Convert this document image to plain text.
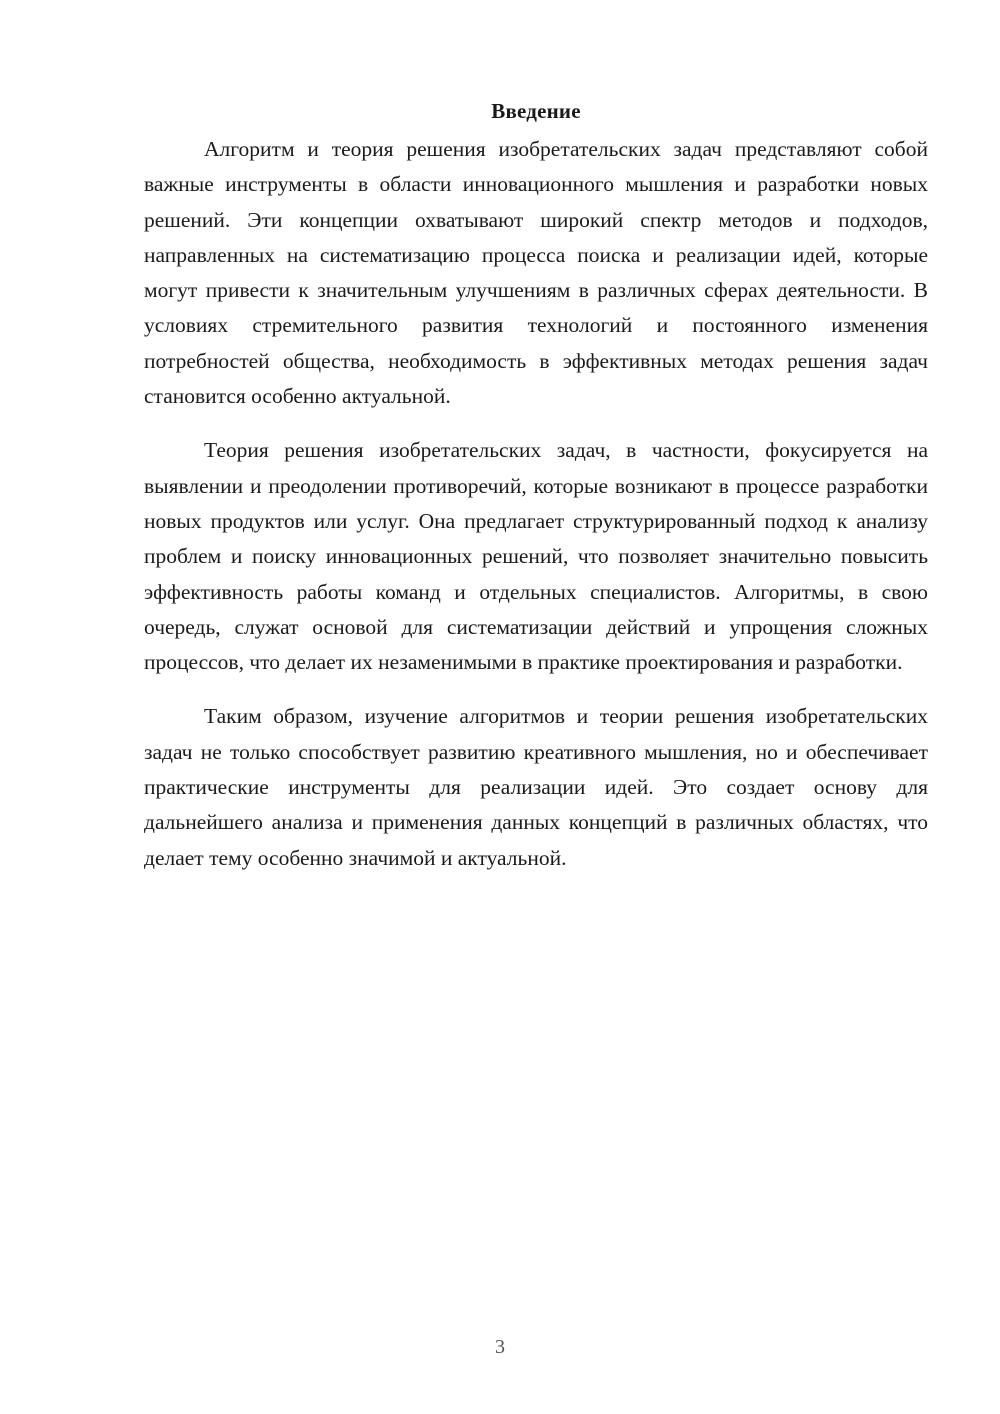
Введение

Алгоритм и теория решения изобретательских задач представляют собой важные инструменты в области инновационного мышления и разработки новых решений. Эти концепции охватывают широкий спектр методов и подходов, направленных на систематизацию процесса поиска и реализации идей, которые могут привести к значительным улучшениям в различных сферах деятельности. В условиях стремительного развития технологий и постоянного изменения потребностей общества, необходимость в эффективных методах решения задач становится особенно актуальной.

Теория решения изобретательских задач, в частности, фокусируется на выявлении и преодолении противоречий, которые возникают в процессе разработки новых продуктов или услуг. Она предлагает структурированный подход к анализу проблем и поиску инновационных решений, что позволяет значительно повысить эффективность работы команд и отдельных специалистов. Алгоритмы, в свою очередь, служат основой для систематизации действий и упрощения сложных процессов, что делает их незаменимыми в практике проектирования и разработки.

Таким образом, изучение алгоритмов и теории решения изобретательских задач не только способствует развитию креативного мышления, но и обеспечивает практические инструменты для реализации идей. Это создает основу для дальнейшего анализа и применения данных концепций в различных областях, что делает тему особенно значимой и актуальной.

3
